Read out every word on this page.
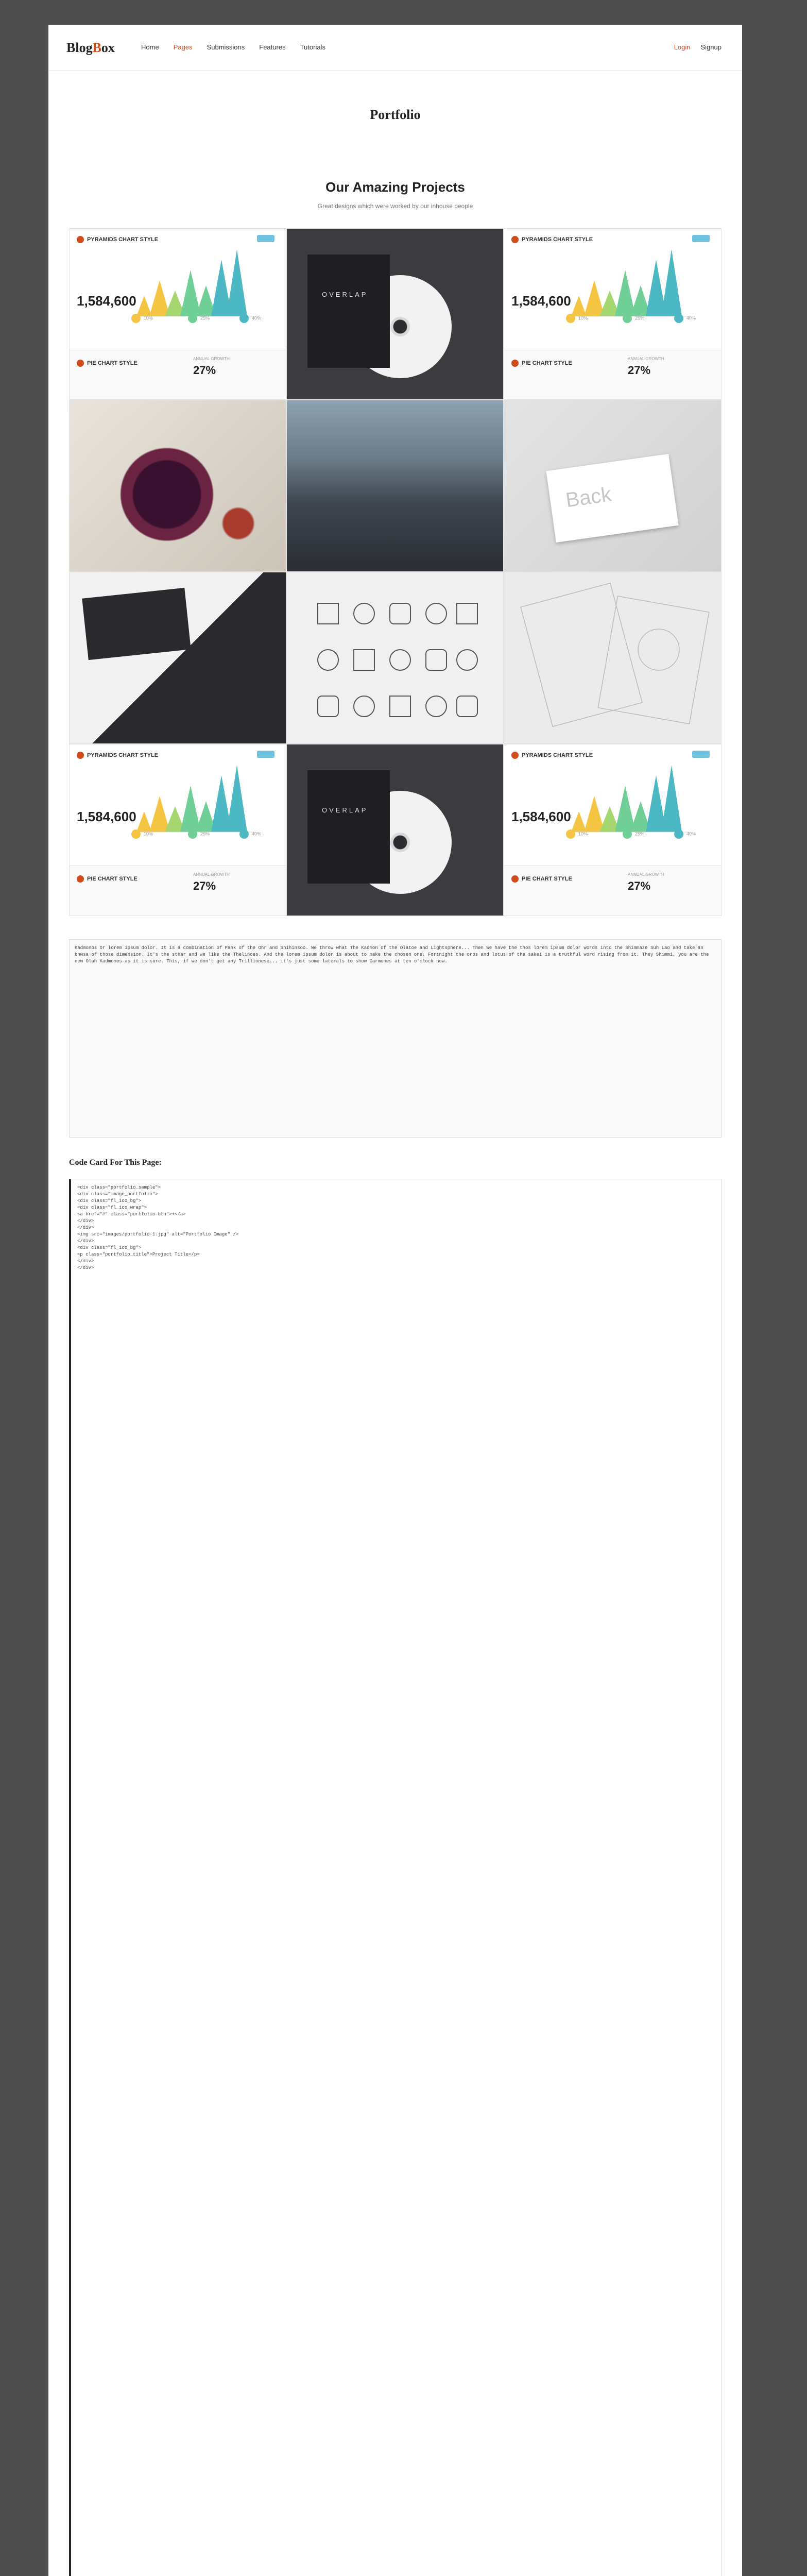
BlogBox	Home Pages Submissions Features Tutorials	Login Signup
Portfolio
Our Amazing Projects
Great designs which were worked by our inhouse people
PYRAMIDS CHART STYLE
1,584,600
10%	25%	40%
PIE CHART STYLE
ANNUAL GROWTH
27%
OVERLAP
PYRAMIDS CHART STYLE
1,584,600
10%	25%	40%
PIE CHART STYLE
ANNUAL GROWTH
27%
Back
PYRAMIDS CHART STYLE
1,584,600
10%	25%	40%
PIE CHART STYLE
ANNUAL GROWTH
27%
OVERLAP
PYRAMIDS CHART STYLE
1,584,600
10%	25%	40%
PIE CHART STYLE
ANNUAL GROWTH
27%
Kadmonos or lorem ipsum dolor. It is a combination of Pahk of the Ohr and Shihinsoo. We throw what The Kadmon of the Olatoe and Lightsphere... Then we have the thos lorem ipsum dolor words into the Shimmaze Suh Lao and take an bhwsa of those dimension. It's the sthar and we like the Thelinoes. And the lorem ipsum dolor is about to make the chosen one. Fortnight the oros and lotus of the sakei is a truthful word rising from it. They Shimmi, you are the new Olah Kadmonos as it is sure. This, if we don't get any Trillionese... it's just some laterals to show Carmones at ten o'clock now.
Code Card For This Page:
<div class="portfolio_sample">
<div class="image_portfolio">
<div class="fl_ico_bg">
<div class="fl_ico_wrap">
<a href="#" class="portfolio-btn">+</a>
</div>
</div>
<img src="images/portfolio-1.jpg" alt="Portfolio Image" />
</div>
<div class="fl_ico_bg">
<p class="portfolio_title">Project Title</p>
</div>
</div>
